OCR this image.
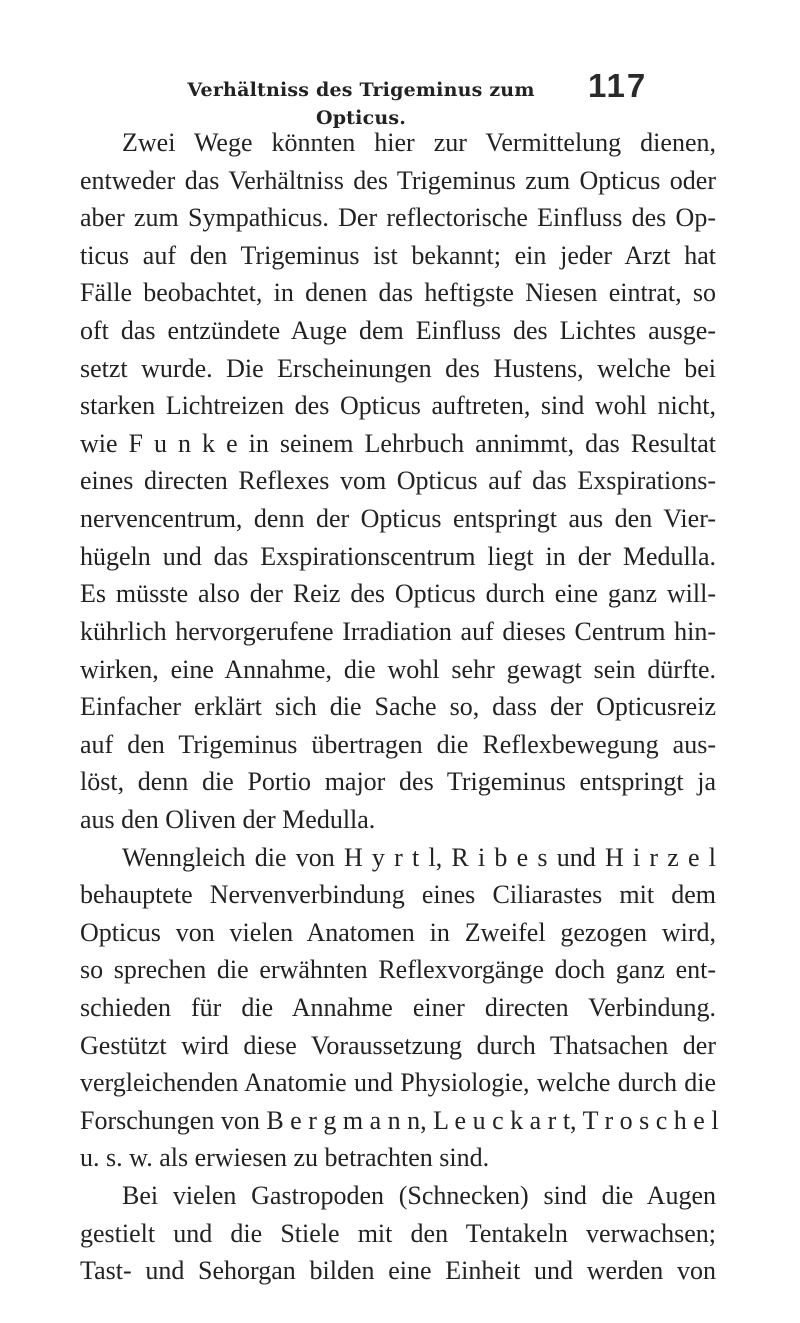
Verhältniss des Trigeminus zum Opticus.
117
Zwei Wege könnten hier zur Vermittelung dienen,
entweder das Verhältniss des Trigeminus zum Opticus oder
aber zum Sympathicus. Der reflectorische Einfluss des Op-
ticus auf den Trigeminus ist bekannt; ein jeder Arzt hat
Fälle beobachtet, in denen das heftigste Niesen eintrat, so
oft das entzündete Auge dem Einfluss des Lichtes ausge-
setzt wurde. Die Erscheinungen des Hustens, welche bei
starken Lichtreizen des Opticus auftreten, sind wohl nicht,
wie F u n k e in seinem Lehrbuch annimmt, das Resultat
eines directen Reflexes vom Opticus auf das Exspirations-
nervencentrum, denn der Opticus entspringt aus den Vier-
hügeln und das Exspirationscentrum liegt in der Medulla.
Es müsste also der Reiz des Opticus durch eine ganz will-
kührlich hervorgerufene Irradiation auf dieses Centrum hin-
wirken, eine Annahme, die wohl sehr gewagt sein dürfte.
Einfacher erklärt sich die Sache so, dass der Opticusreiz
auf den Trigeminus übertragen die Reflexbewegung aus-
löst, denn die Portio major des Trigeminus entspringt ja
aus den Oliven der Medulla.
Wenngleich die von H y r t l, R i b e s und H i r z e l
behauptete Nervenverbindung eines Ciliarastes mit dem
Opticus von vielen Anatomen in Zweifel gezogen wird,
so sprechen die erwähnten Reflexvorgänge doch ganz ent-
schieden für die Annahme einer directen Verbindung.
Gestützt wird diese Voraussetzung durch Thatsachen der
vergleichenden Anatomie und Physiologie, welche durch die
Forschungen von B e r g m a n n, L e u c k a r t, T r o s c h e l
u. s. w. als erwiesen zu betrachten sind.
Bei vielen Gastropoden (Schnecken) sind die Augen
gestielt und die Stiele mit den Tentakeln verwachsen;
Tast- und Sehorgan bilden eine Einheit und werden von
